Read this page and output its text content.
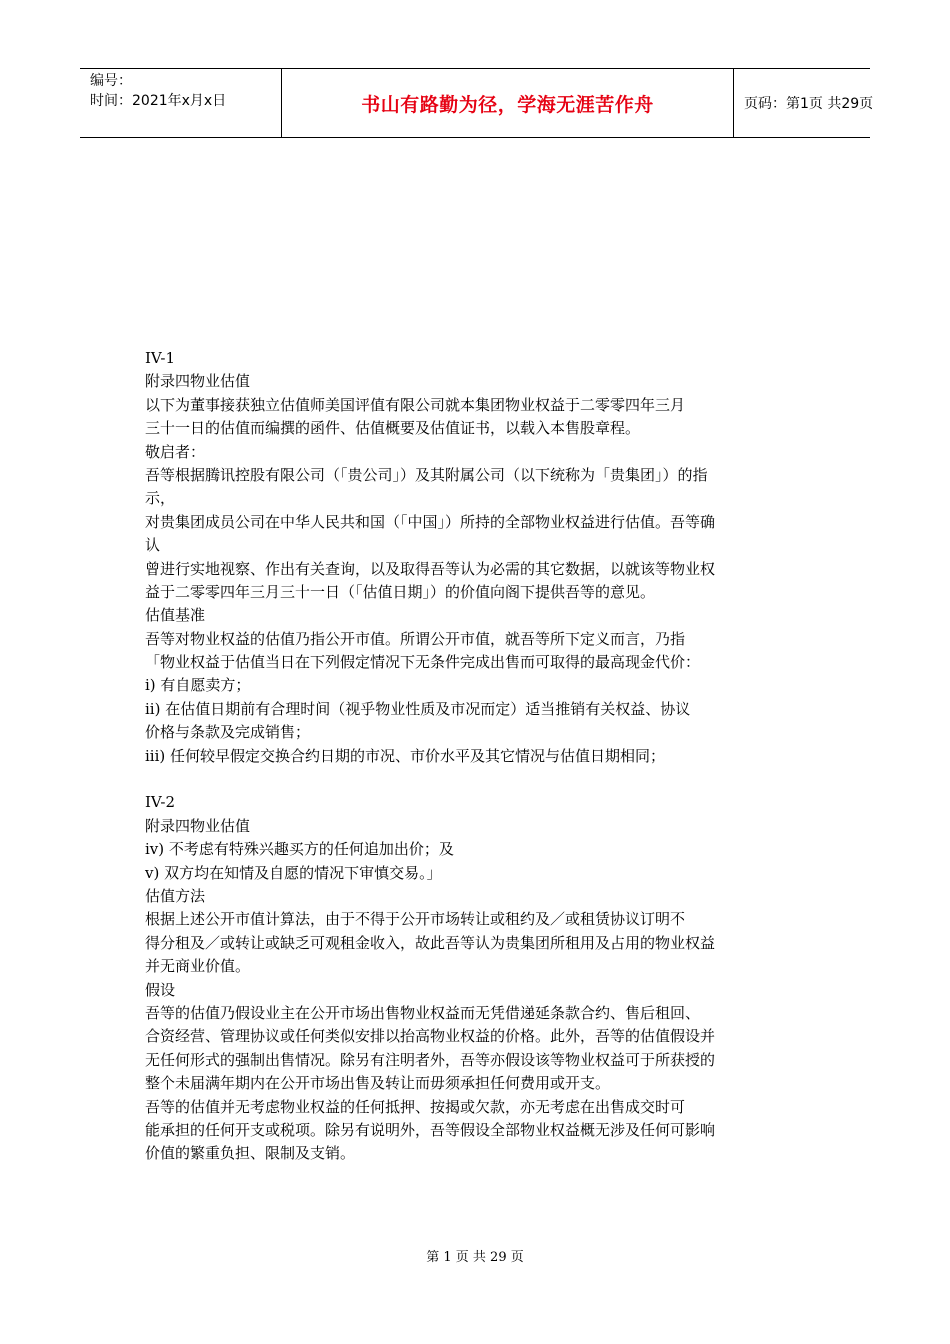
编号：
时间：2021年x月x日	书山有路勤为径，学海无涯苦作舟	页码：第1页 共29页
IV-1
附录四物业估值
以下为董事接获独立估值师美国评值有限公司就本集团物业权益于二零零四年三月
三十一日的估值而编撰的函件、估值概要及估值证书，以载入本售股章程。
敬启者：
吾等根据腾讯控股有限公司（「贵公司」）及其附属公司（以下统称为「贵集团」）的指
示，
对贵集团成员公司在中华人民共和国（「中国」）所持的全部物业权益进行估值。吾等确
认
曾进行实地视察、作出有关查询，以及取得吾等认为必需的其它数据，以就该等物业权
益于二零零四年三月三十一日（「估值日期」）的价值向阁下提供吾等的意见。
估值基准
吾等对物业权益的估值乃指公开市值。所谓公开市值，就吾等所下定义而言，乃指
「物业权益于估值当日在下列假定情况下无条件完成出售而可取得的最高现金代价：
i) 有自愿卖方；
ii) 在估值日期前有合理时间（视乎物业性质及市况而定）适当推销有关权益、协议
价格与条款及完成销售；
iii) 任何较早假定交换合约日期的市况、市价水平及其它情况与估值日期相同；
IV-2
附录四物业估值
iv) 不考虑有特殊兴趣买方的任何追加出价；及
v) 双方均在知情及自愿的情况下审慎交易。」
估值方法
根据上述公开市值计算法，由于不得于公开市场转让或租约及／或租赁协议订明不
得分租及／或转让或缺乏可观租金收入，故此吾等认为贵集团所租用及占用的物业权益
并无商业价值。
假设
吾等的估值乃假设业主在公开市场出售物业权益而无凭借递延条款合约、售后租回、
合资经营、管理协议或任何类似安排以抬高物业权益的价格。此外，吾等的估值假设并
无任何形式的强制出售情况。除另有注明者外，吾等亦假设该等物业权益可于所获授的
整个未届满年期内在公开市场出售及转让而毋须承担任何费用或开支。
吾等的估值并无考虑物业权益的任何抵押、按揭或欠款，亦无考虑在出售成交时可
能承担的任何开支或税项。除另有说明外，吾等假设全部物业权益概无涉及任何可影响
价值的繁重负担、限制及支销。
第 1 页 共 29 页
